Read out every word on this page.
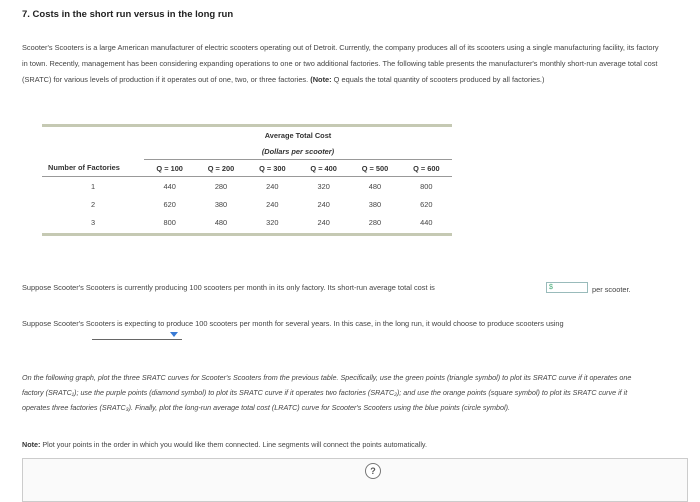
7. Costs in the short run versus in the long run
Scooter's Scooters is a large American manufacturer of electric scooters operating out of Detroit. Currently, the company produces all of its scooters using a single manufacturing facility, its factory in town. Recently, management has been considering expanding operations to one or two additional factories. The following table presents the manufacturer's monthly short-run average total cost (SRATC) for various levels of production if it operates out of one, two, or three factories. (Note: Q equals the total quantity of scooters produced by all factories.)
	Average Total Cost					
	(Dollars per scooter)					
Number of Factories	Q = 100	Q = 200	Q = 300	Q = 400	Q = 500	Q = 600
1	440	280	240	320	480	800
2	620	380	240	240	380	620
3	800	480	320	240	280	440
Suppose Scooter's Scooters is currently producing 100 scooters per month in its only factory. Its short-run average total cost is	$	per scooter.
Suppose Scooter's Scooters is expecting to produce 100 scooters per month for several years. In this case, in the long run, it would choose to produce scooters using
On the following graph, plot the three SRATC curves for Scooter's Scooters from the previous table. Specifically, use the green points (triangle symbol) to plot its SRATC curve if it operates one factory (SRATC₁); use the purple points (diamond symbol) to plot its SRATC curve if it operates two factories (SRATC₂); and use the orange points (square symbol) to plot its SRATC curve if it operates three factories (SRATC₃). Finally, plot the long-run average total cost (LRATC) curve for Scooter's Scooters using the blue points (circle symbol).
Note: Plot your points in the order in which you would like them connected. Line segments will connect the points automatically.
?
